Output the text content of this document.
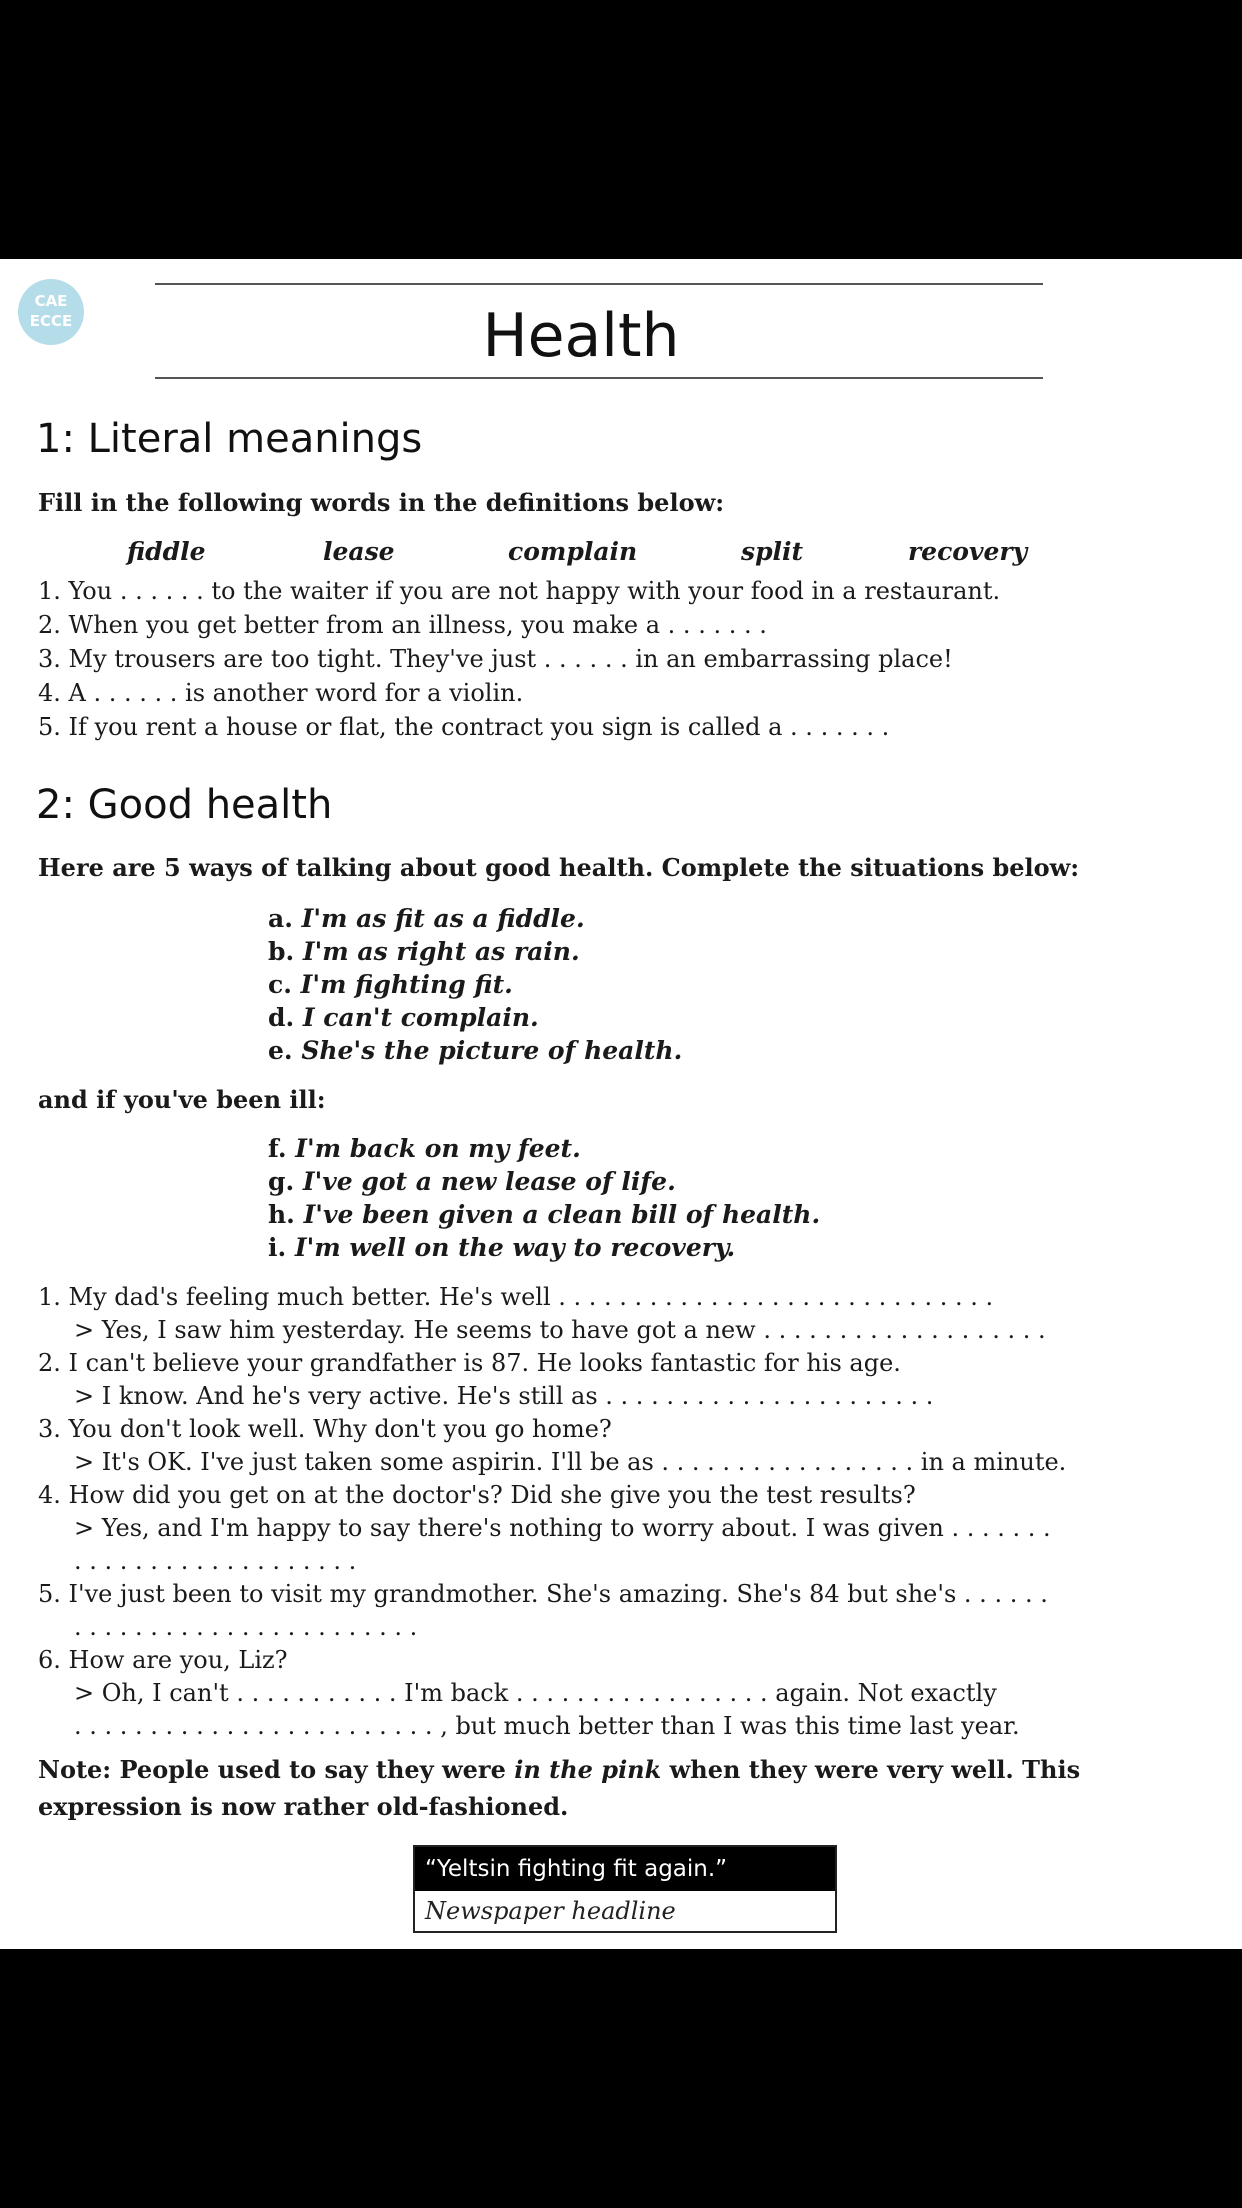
CAE
ECCE	Health
1: Literal meanings
Fill in the following words in the definitions below:
fiddle	lease	complain	split	recovery
1. You . . . . . . to the waiter if you are not happy with your food in a restaurant.
2. When you get better from an illness, you make a . . . . . . .
3. My trousers are too tight. They've just . . . . . . in an embarrassing place!
4. A . . . . . . is another word for a violin.
5. If you rent a house or flat, the contract you sign is called a . . . . . . .
2: Good health
Here are 5 ways of talking about good health. Complete the situations below:
a. I'm as fit as a fiddle.
b. I'm as right as rain.
c. I'm fighting fit.
d. I can't complain.
e. She's the picture of health.
and if you've been ill:
f. I'm back on my feet.
g. I've got a new lease of life.
h. I've been given a clean bill of health.
i. I'm well on the way to recovery.
1. My dad's feeling much better. He's well . . . . . . . . . . . . . . . . . . . . . . . . . . . . .
> Yes, I saw him yesterday. He seems to have got a new . . . . . . . . . . . . . . . . . . .
2. I can't believe your grandfather is 87. He looks fantastic for his age.
> I know. And he's very active. He's still as . . . . . . . . . . . . . . . . . . . . . .
3. You don't look well. Why don't you go home?
> It's OK. I've just taken some aspirin. I'll be as . . . . . . . . . . . . . . . . . in a minute.
4. How did you get on at the doctor's? Did she give you the test results?
> Yes, and I'm happy to say there's nothing to worry about. I was given . . . . . . .
. . . . . . . . . . . . . . . . . . .
5. I've just been to visit my grandmother. She's amazing. She's 84 but she's . . . . . .
. . . . . . . . . . . . . . . . . . . . . . .
6. How are you, Liz?
> Oh, I can't . . . . . . . . . . . I'm back . . . . . . . . . . . . . . . . . again. Not exactly
. . . . . . . . . . . . . . . . . . . . . . . . , but much better than I was this time last year.
Note: People used to say they were in the pink when they were very well. This expression is now rather old-fashioned.
“Yeltsin fighting fit again.”
Newspaper headline
